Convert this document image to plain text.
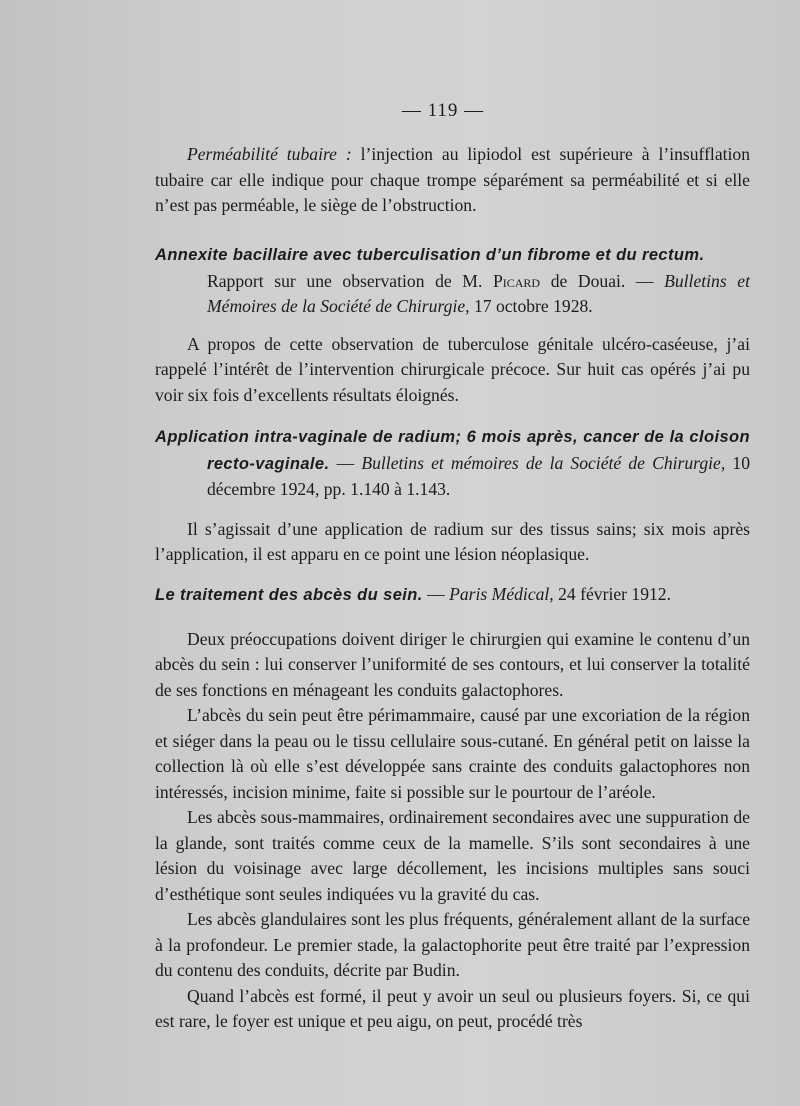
— 119 —

Perméabilité tubaire : l’injection au lipiodol est supérieure à l’insufflation tubaire car elle indique pour chaque trompe séparément sa perméabilité et si elle n’est pas perméable, le siège de l’obstruction.

Annexite bacillaire avec tuberculisation d’un fibrome et du rectum.
Rapport sur une observation de M. Picard de Douai. — Bulletins et Mémoires de la Société de Chirurgie, 17 octobre 1928.

A propos de cette observation de tuberculose génitale ulcéro-caséeuse, j’ai rappelé l’intérêt de l’intervention chirurgicale précoce. Sur huit cas opérés j’ai pu voir six fois d’excellents résultats éloignés.

Application intra-vaginale de radium; 6 mois après, cancer de la cloison recto-vaginale. — Bulletins et mémoires de la Société de Chirurgie, 10 décembre 1924, pp. 1.140 à 1.143.

Il s’agissait d’une application de radium sur des tissus sains; six mois après l’application, il est apparu en ce point une lésion néoplasique.

Le traitement des abcès du sein. — Paris Médical, 24 février 1912.

Deux préoccupations doivent diriger le chirurgien qui examine le contenu d’un abcès du sein : lui conserver l’uniformité de ses contours, et lui conserver la totalité de ses fonctions en ménageant les conduits galactophores.

L’abcès du sein peut être périmammaire, causé par une excoriation de la région et siéger dans la peau ou le tissu cellulaire sous-cutané. En général petit on laisse la collection là où elle s’est développée sans crainte des conduits galactophores non intéressés, incision minime, faite si possible sur le pourtour de l’aréole.

Les abcès sous-mammaires, ordinairement secondaires avec une suppuration de la glande, sont traités comme ceux de la mamelle. S’ils sont secondaires à une lésion du voisinage avec large décollement, les incisions multiples sans souci d’esthétique sont seules indiquées vu la gravité du cas.

Les abcès glandulaires sont les plus fréquents, généralement allant de la surface à la profondeur. Le premier stade, la galactophorite peut être traité par l’expression du contenu des conduits, décrite par Budin.

Quand l’abcès est formé, il peut y avoir un seul ou plusieurs foyers. Si, ce qui est rare, le foyer est unique et peu aigu, on peut, procédé très
